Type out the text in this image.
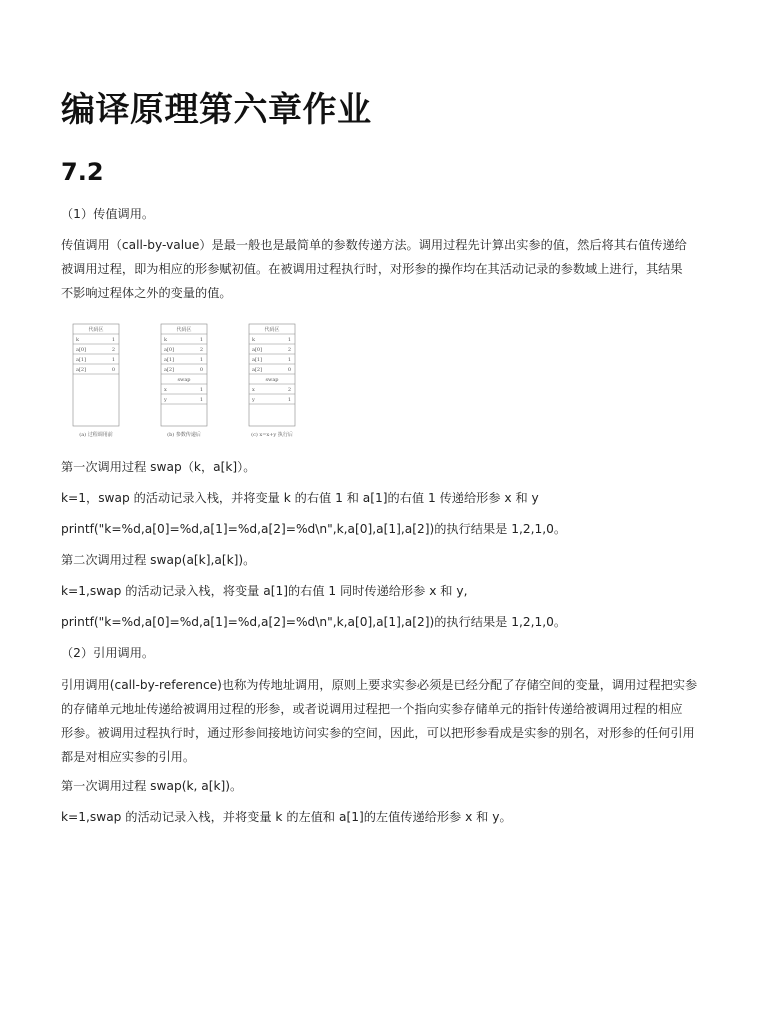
编译原理第六章作业
7.2
（1）传值调用。
传值调用（call-by-value）是最一般也是最简单的参数传递方法。调用过程先计算出实参的值，然后将其右值传递给
被调用过程，即为相应的形参赋初值。在被调用过程执行时，对形参的操作均在其活动记录的参数域上进行，其结果
不影响过程体之外的变量的值。
代码区
k	1
a[0]	2
a[1]	1
a[2]	0
(a) 过程调用前
代码区
k	1
a[0]	2
a[1]	1
a[2]	0
swap
x	1
y	1
(b) 参数传递后
代码区
k	1
a[0]	2
a[1]	1
a[2]	0
swap
x	2
y	1
(c) x=x+y 执行后
第一次调用过程 swap（k，a[k]）。
k=1，swap 的活动记录入栈，并将变量 k 的右值 1 和 a[1]的右值 1 传递给形参 x 和 y
printf("k=%d,a[0]=%d,a[1]=%d,a[2]=%d\n",k,a[0],a[1],a[2])的执行结果是 1,2,1,0。
第二次调用过程 swap(a[k],a[k])。
k=1,swap 的活动记录入栈，将变量 a[1]的右值 1 同时传递给形参 x 和 y,
printf("k=%d,a[0]=%d,a[1]=%d,a[2]=%d\n",k,a[0],a[1],a[2])的执行结果是 1,2,1,0。
（2）引用调用。
引用调用(call-by-reference)也称为传地址调用，原则上要求实参必须是已经分配了存储空间的变量，调用过程把实参
的存储单元地址传递给被调用过程的形参，或者说调用过程把一个指向实参存储单元的指针传递给被调用过程的相应
形参。被调用过程执行时，通过形参间接地访问实参的空间，因此，可以把形参看成是实参的别名，对形参的任何引用
都是对相应实参的引用。
第一次调用过程 swap(k, a[k])。
k=1,swap 的活动记录入栈，并将变量 k 的左值和 a[1]的左值传递给形参 x 和 y。
